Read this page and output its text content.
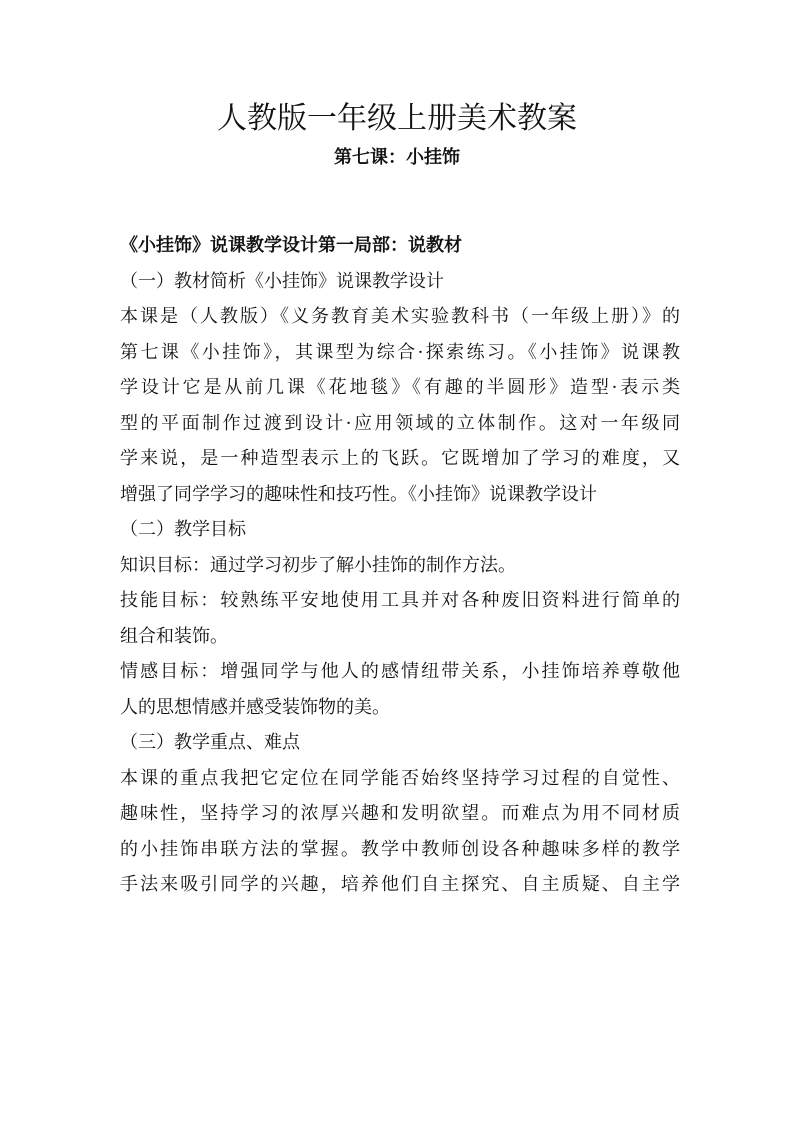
人教版一年级上册美术教案
第七课：小挂饰

《小挂饰》说课教学设计第一局部：说教材

（一）教材简析《小挂饰》说课教学设计

本课是（人教版）《义务教育美术实验教科书（一年级上册）》的

第七课《小挂饰》，其课型为综合·探索练习。《小挂饰》说课教

学设计它是从前几课《花地毯》《有趣的半圆形》造型·表示类

型的平面制作过渡到设计·应用领域的立体制作。这对一年级同

学来说，是一种造型表示上的飞跃。它既增加了学习的难度，又

增强了同学学习的趣味性和技巧性。《小挂饰》说课教学设计

（二）教学目标

知识目标：通过学习初步了解小挂饰的制作方法。

技能目标：较熟练平安地使用工具并对各种废旧资料进行简单的

组合和装饰。

情感目标：增强同学与他人的感情纽带关系，小挂饰培养尊敬他

人的思想情感并感受装饰物的美。

（三）教学重点、难点

本课的重点我把它定位在同学能否始终坚持学习过程的自觉性、

趣味性，坚持学习的浓厚兴趣和发明欲望。而难点为用不同材质

的小挂饰串联方法的掌握。教学中教师创设各种趣味多样的教学

手法来吸引同学的兴趣，培养他们自主探究、自主质疑、自主学
